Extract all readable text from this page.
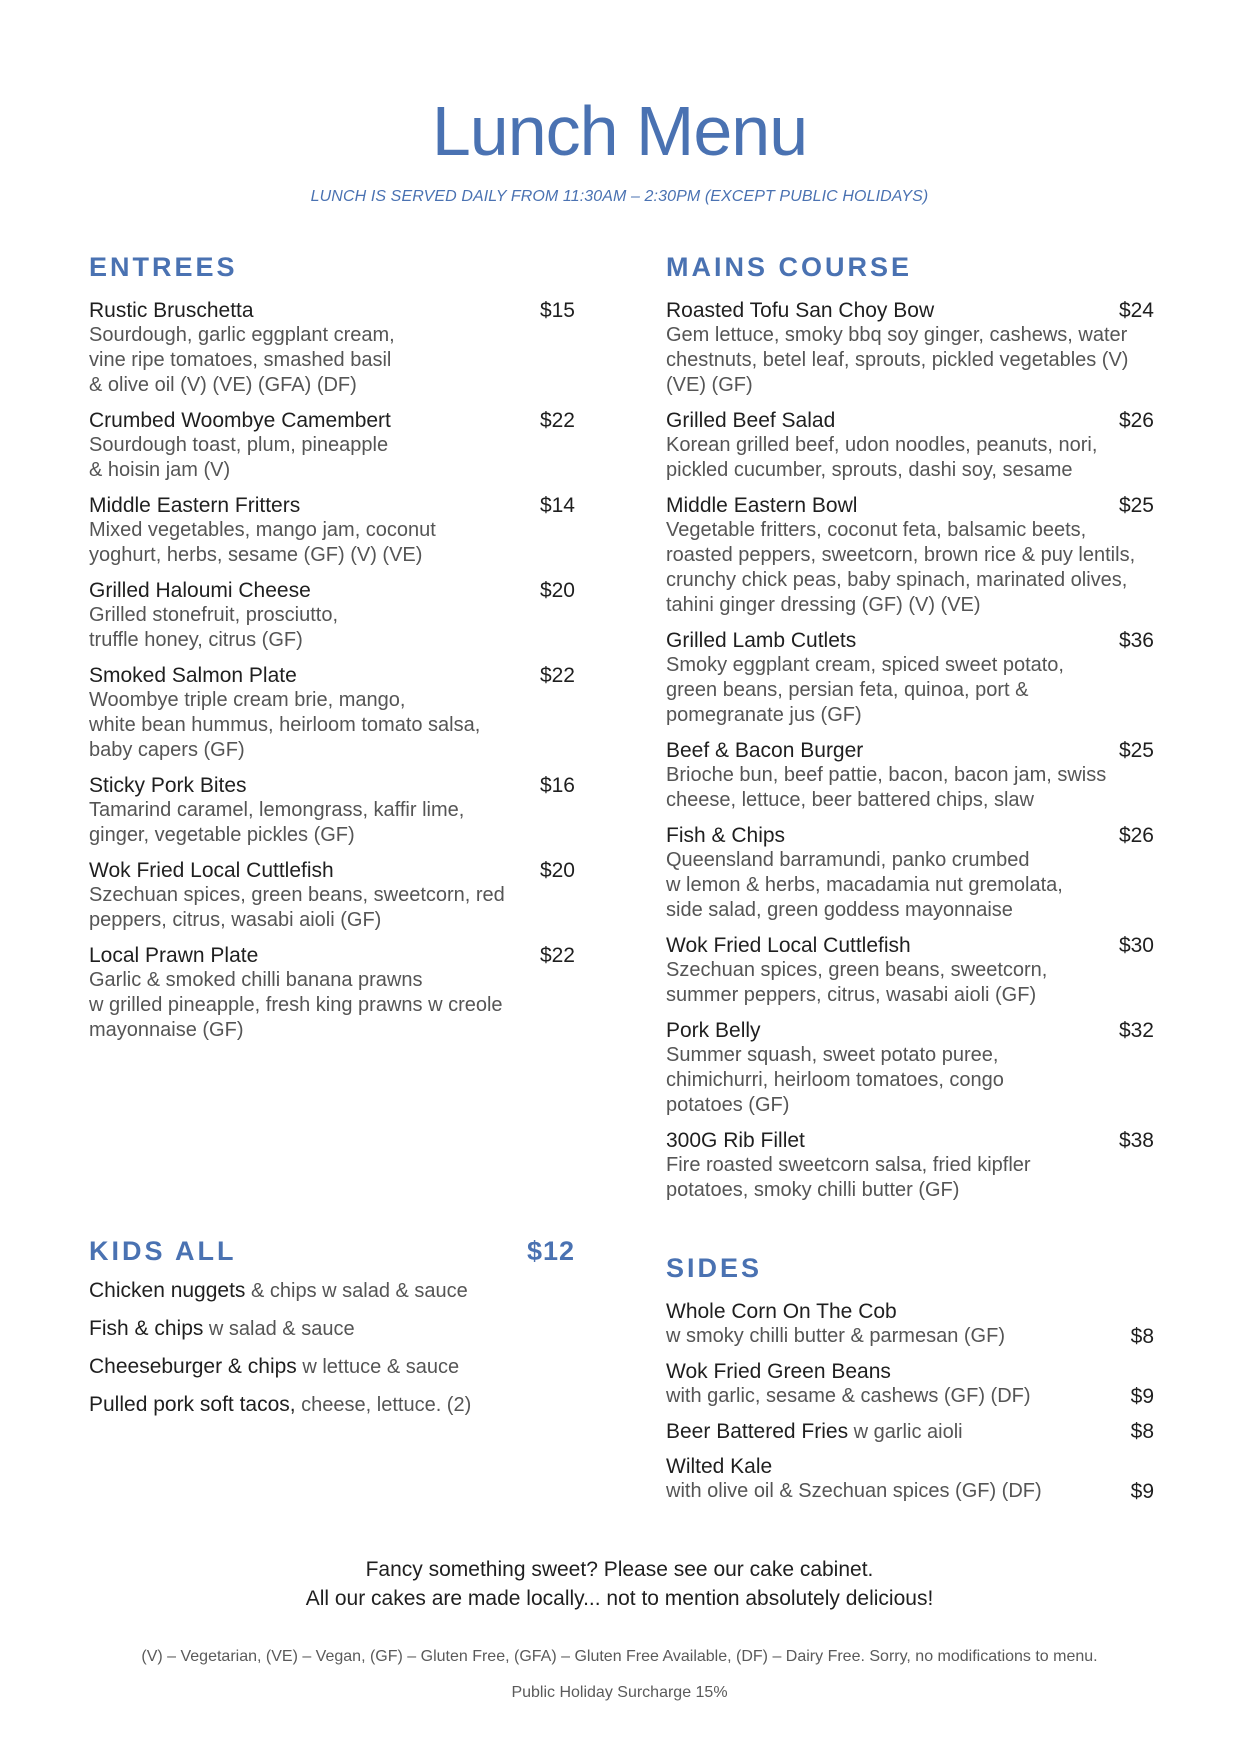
Lunch Menu
LUNCH IS SERVED DAILY FROM 11:30AM – 2:30PM (EXCEPT PUBLIC HOLIDAYS)
ENTREES
Rustic Bruschetta	$15
Sourdough, garlic eggplant cream,
vine ripe tomatoes, smashed basil
& olive oil (V) (VE) (GFA) (DF)
Crumbed Woombye Camembert	$22
Sourdough toast, plum, pineapple
& hoisin jam (V)
Middle Eastern Fritters	$14
Mixed vegetables, mango jam, coconut
yoghurt, herbs, sesame (GF) (V) (VE)
Grilled Haloumi Cheese	$20
Grilled stonefruit, prosciutto,
truffle honey, citrus (GF)
Smoked Salmon Plate	$22
Woombye triple cream brie, mango,
white bean hummus, heirloom tomato salsa,
baby capers (GF)
Sticky Pork Bites	$16
Tamarind caramel, lemongrass, kaffir lime,
ginger, vegetable pickles (GF)
Wok Fried Local Cuttlefish	$20
Szechuan spices, green beans, sweetcorn, red
peppers, citrus, wasabi aioli (GF)
Local Prawn Plate	$22
Garlic & smoked chilli banana prawns
w grilled pineapple, fresh king prawns w creole
mayonnaise (GF)
MAINS COURSE
Roasted Tofu San Choy Bow	$24
Gem lettuce, smoky bbq soy ginger, cashews, water
chestnuts, betel leaf, sprouts, pickled vegetables (V)
(VE) (GF)
Grilled Beef Salad	$26
Korean grilled beef, udon noodles, peanuts, nori,
pickled cucumber, sprouts, dashi soy, sesame
Middle Eastern Bowl	$25
Vegetable fritters, coconut feta, balsamic beets,
roasted peppers, sweetcorn, brown rice & puy lentils,
crunchy chick peas, baby spinach, marinated olives,
tahini ginger dressing (GF) (V) (VE)
Grilled Lamb Cutlets	$36
Smoky eggplant cream, spiced sweet potato,
green beans, persian feta, quinoa, port &
pomegranate jus (GF)
Beef & Bacon Burger	$25
Brioche bun, beef pattie, bacon, bacon jam, swiss
cheese, lettuce, beer battered chips, slaw
Fish & Chips	$26
Queensland barramundi, panko crumbed
w lemon & herbs, macadamia nut gremolata,
side salad, green goddess mayonnaise
Wok Fried Local Cuttlefish	$30
Szechuan spices, green beans, sweetcorn,
summer peppers, citrus, wasabi aioli (GF)
Pork Belly	$32
Summer squash, sweet potato puree,
chimichurri, heirloom tomatoes, congo
potatoes (GF)
300G Rib Fillet	$38
Fire roasted sweetcorn salsa, fried kipfler
potatoes, smoky chilli butter (GF)
KIDS ALL	$12
Chicken nuggets & chips w salad & sauce
Fish & chips w salad & sauce
Cheeseburger & chips w lettuce & sauce
Pulled pork soft tacos, cheese, lettuce. (2)
SIDES
Whole Corn On The Cob
w smoky chilli butter & parmesan (GF)	$8
Wok Fried Green Beans
with garlic, sesame & cashews (GF) (DF)	$9
Beer Battered Fries w garlic aioli	$8
Wilted Kale
with olive oil & Szechuan spices (GF) (DF)	$9
Fancy something sweet? Please see our cake cabinet.
All our cakes are made locally... not to mention absolutely delicious!
(V) – Vegetarian, (VE) – Vegan, (GF) – Gluten Free, (GFA) – Gluten Free Available, (DF) – Dairy Free. Sorry, no modifications to menu.
Public Holiday Surcharge 15%
